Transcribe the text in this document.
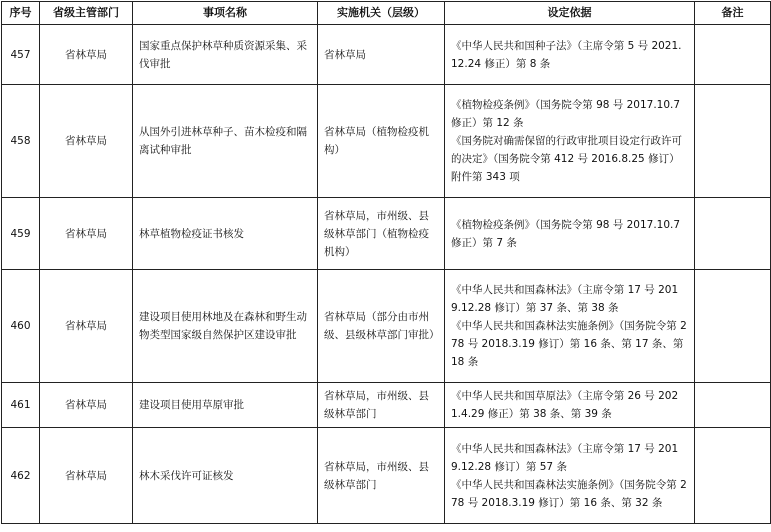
序号	省级主管部门	事项名称	实施机关（层级）	设定依据	备注
457	省林草局	国家重点保护林草种质资源采集、采伐审批	省林草局	《中华人民共和国种子法》（主席令第 5 号 2021.12.24 修正）第 8 条	

458	省林草局	从国外引进林草种子、苗木检疫和隔离试种审批	省林草局（植物检疫机构）	《植物检疫条例》（国务院令第 98 号 2017.10.7 修正）第 12 条
《国务院对确需保留的行政审批项目设定行政许可的决定》（国务院令第 412 号 2016.8.25 修订）附件第 343 项	

459	省林草局	林草植物检疫证书核发	省林草局，市州级、县级林草部门（植物检疫机构）	《植物检疫条例》（国务院令第 98 号 2017.10.7 修正）第 7 条	

460	省林草局	建设项目使用林地及在森林和野生动物类型国家级自然保护区建设审批	省林草局（部分由市州级、县级林草部门审批）	《中华人民共和国森林法》（主席令第 17 号 2019.12.28 修订）第 37 条、第 38 条
《中华人民共和国森林法实施条例》（国务院令第 278 号 2018.3.19 修订）第 16 条、第 17 条、第 18 条	

461	省林草局	建设项目使用草原审批	省林草局，市州级、县级林草部门	《中华人民共和国草原法》（主席令第 26 号 2021.4.29 修正）第 38 条、第 39 条	

462	省林草局	林木采伐许可证核发	省林草局，市州级、县级林草部门	《中华人民共和国森林法》（主席令第 17 号 2019.12.28 修订）第 57 条
《中华人民共和国森林法实施条例》（国务院令第 278 号 2018.3.19 修订）第 16 条、第 32 条	
